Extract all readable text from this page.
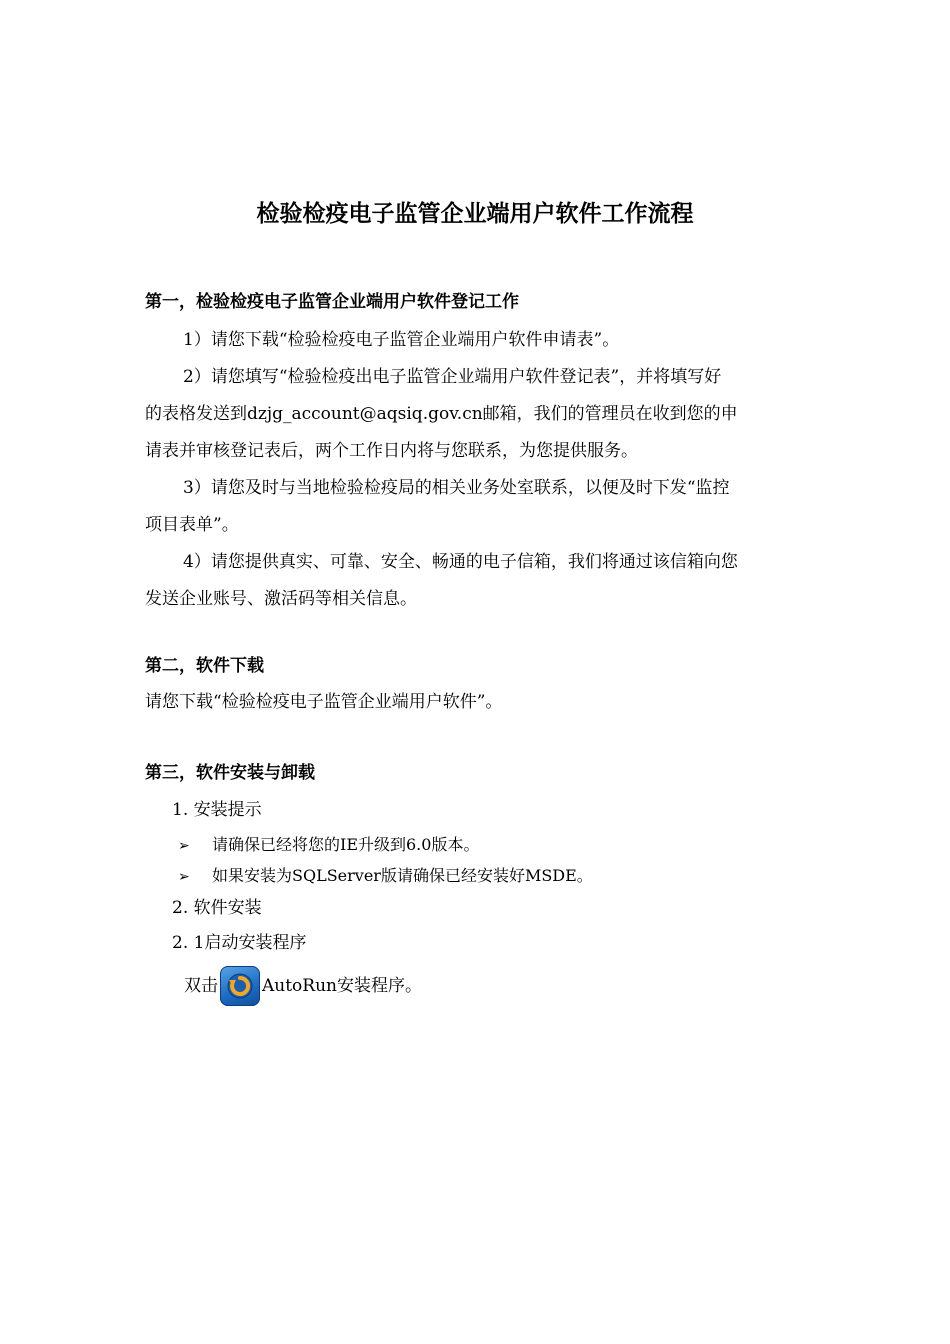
检验检疫电子监管企业端用户软件工作流程
第一，检验检疫电子监管企业端用户软件登记工作
1）请您下载“检验检疫电子监管企业端用户软件申请表”。
2）请您填写“检验检疫出电子监管企业端用户软件登记表”，并将填写好
的表格发送到dzjg_account@aqsiq.gov.cn邮箱，我们的管理员在收到您的申
请表并审核登记表后，两个工作日内将与您联系，为您提供服务。
3）请您及时与当地检验检疫局的相关业务处室联系，以便及时下发“监控
项目表单”。
4）请您提供真实、可靠、安全、畅通的电子信箱，我们将通过该信箱向您
发送企业账号、激活码等相关信息。
第二，软件下载
请您下载“检验检疫电子监管企业端用户软件”。
第三，软件安装与卸载
1. 安装提示
➢ 请确保已经将您的IE升级到6.0版本。
➢ 如果安装为SQLServer版请确保已经安装好MSDE。
2. 软件安装
2. 1启动安装程序
双击	AutoRun安装程序。
